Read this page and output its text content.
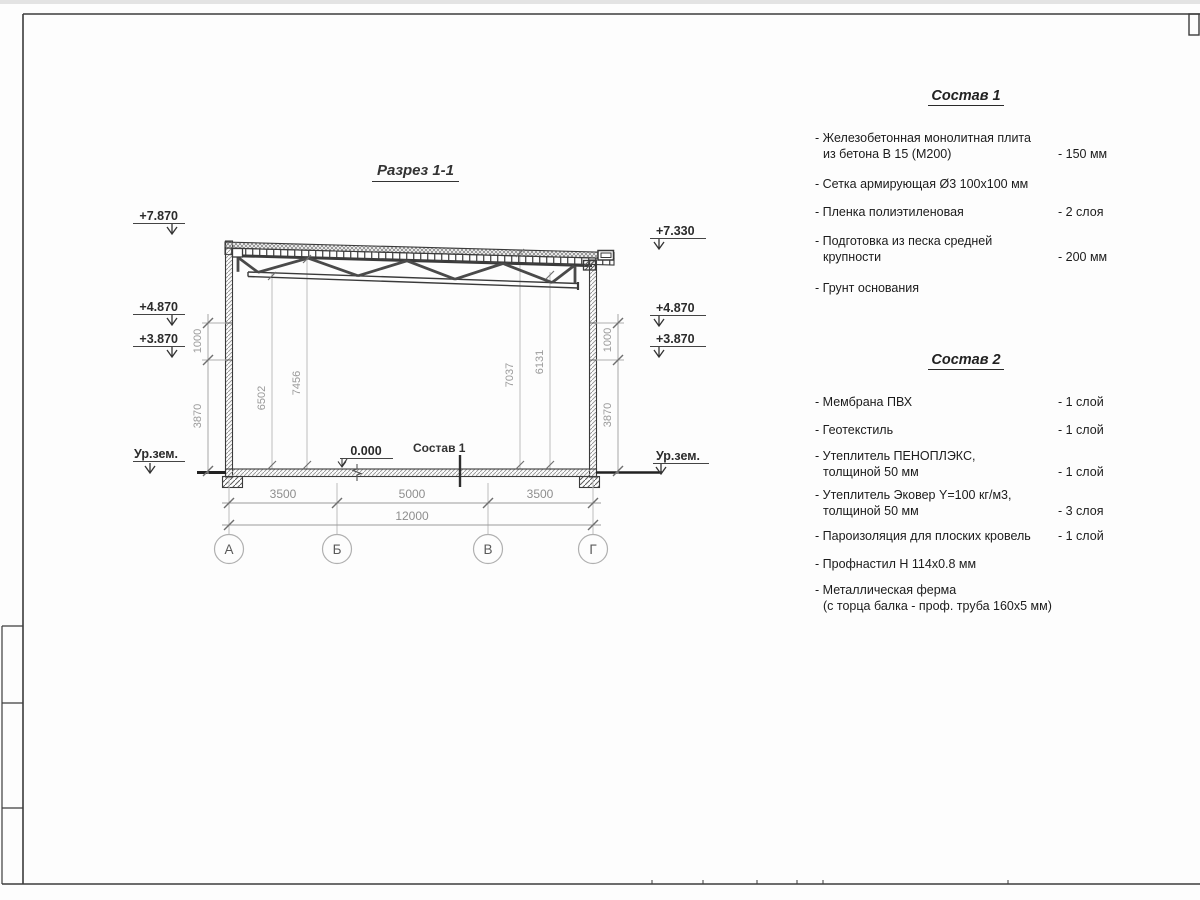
+7.870
+4.870
+3.870
Ур.зем.
+7.330
+4.870
+3.870
Ур.зем.
0.000	Состав 1
1000
3870
1000
3870
6502
7456	7037
6131
3500	5000	3500
12000
А	Б	В	Г
Разрез 1-1
Состав 1
- Железобетонная монолитная плита
из бетона В 15 (М200)	- 150 мм
- Сетка армирующая Ø3 100x100 мм
- Пленка полиэтиленовая	- 2 слоя
- Подготовка из песка средней
крупности	- 200 мм
- Грунт основания
Состав 2
- Мембрана ПВХ	- 1 слой
- Геотекстиль	- 1 слой
- Утеплитель ПЕНОПЛЭКС,
толщиной 50 мм	- 1 слой
- Утеплитель Эковер Y=100 кг/м3,
толщиной 50 мм	- 3 слоя
- Пароизоляция для плоских кровель	- 1 слой
- Профнастил Н 114х0.8 мм
- Металлическая ферма
(с торца балка - проф. труба 160х5 мм)
